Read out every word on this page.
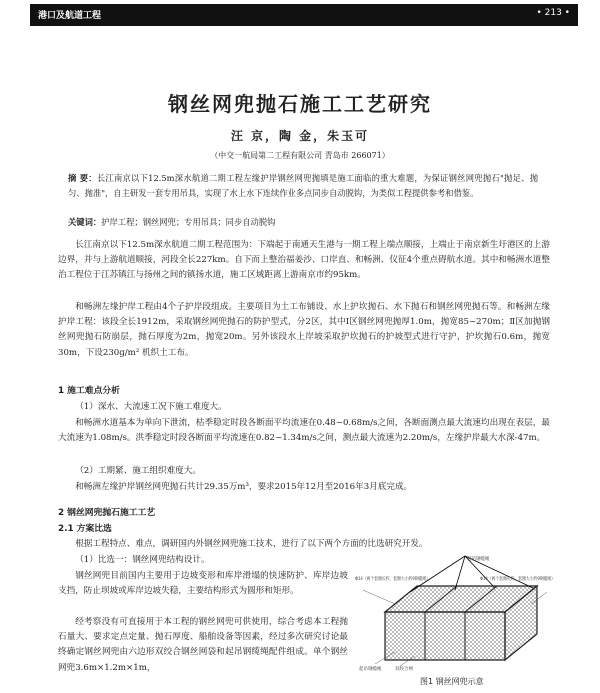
港口及航道工程	• 213 •
钢丝网兜抛石施工工艺研究
汪 京，陶 金，朱玉可
（中交一航局第二工程有限公司 青岛市 266071）
摘 要：长江南京以下12.5m深水航道二期工程左缘护岸钢丝网兜抛填是施工面临的重大难题，为保证钢丝网兜抛石"抛足、抛匀、抛准"，自主研发一套专用吊具，实现了水上水下连续作业多点同步自动脱钩，为类似工程提供参考和借鉴。
关键词：护岸工程；钢丝网兜；专用吊具；同步自动脱钩
长江南京以下12.5m深水航道二期工程范围为：下端起于南通天生港与一期工程上端点顺接，上端止于南京新生圩港区的上游边界，并与上游航道顺接，河段全长227km。自下而上整治福姜沙、口岸直、和畅洲、仪征4个重点碍航水道。其中和畅洲水道整治工程位于江苏镇江与扬州之间的镇扬水道，施工区域距离上游南京市约95km。
和畅洲左缘护岸工程由4个子护岸段组成。主要项目为土工布铺设、水上护坎抛石、水下抛石和钢丝网兜抛石等。和畅洲左缘护岸工程：该段全长1912m，采取钢丝网兜抛石的防护型式，分2区，其中Ⅰ区钢丝网兜抛厚1.0m，抛宽85~270m；Ⅱ区加抛钢丝网兜抛石防崩层，抛石厚度为2m，抛宽20m。另外该段水上岸坡采取护坎抛石的护坡型式进行守护，护坎抛石0.6m，抛宽30m，下设230g/m² 机织土工布。
1 施工难点分析
（1）深水、大流速工况下施工难度大。
和畅洲水道基本为单向下泄流，枯季稳定时段各断面平均流速在0.48~0.68m/s之间，各断面测点最大流速均出现在表层，最大流速为1.08m/s。洪季稳定时段各断面平均流速在0.82~1.34m/s之间，测点最大流速为2.20m/s，左缘护岸最大水深-47m。
（2）工期紧、施工组织难度大。
和畅洲左缘护岸钢丝网兜抛石共计29.35万m³，要求2015年12月至2016年3月底完成。
2 钢丝网兜抛石施工工艺
2.1 方案比选
根据工程特点、难点，调研国内外钢丝网兜施工技术，进行了以下两个方面的比选研究开发。
（1）比选一：钢丝网兜结构设计。
钢丝网兜目前国内主要用于边坡变形和库岸滑塌的快速防护、库岸边坡支挡，防止坝坡或库岸边坡失稳，主要结构形式为圆形和矩形。
经考察没有可直接用于本工程的钢丝网兜可供使用，综合考虑本工程抛石量大、要求定点定量、抛石厚度、船舶设备等因素，经过多次研究讨论最终确定钢丝网兜由六边形双绞合钢丝网袋和起吊钢缆绳配件组成。单个钢丝网兜3.6m×1.2m×1m，
起吊钢缆绳
Φ14（两个套圈长约，套圈大小约9钢缆绳）	Φ14（两个套圈长约，套圈大小约9钢缆绳）
起吊钢缆绳	双绞合网
图1 钢丝网兜示意
